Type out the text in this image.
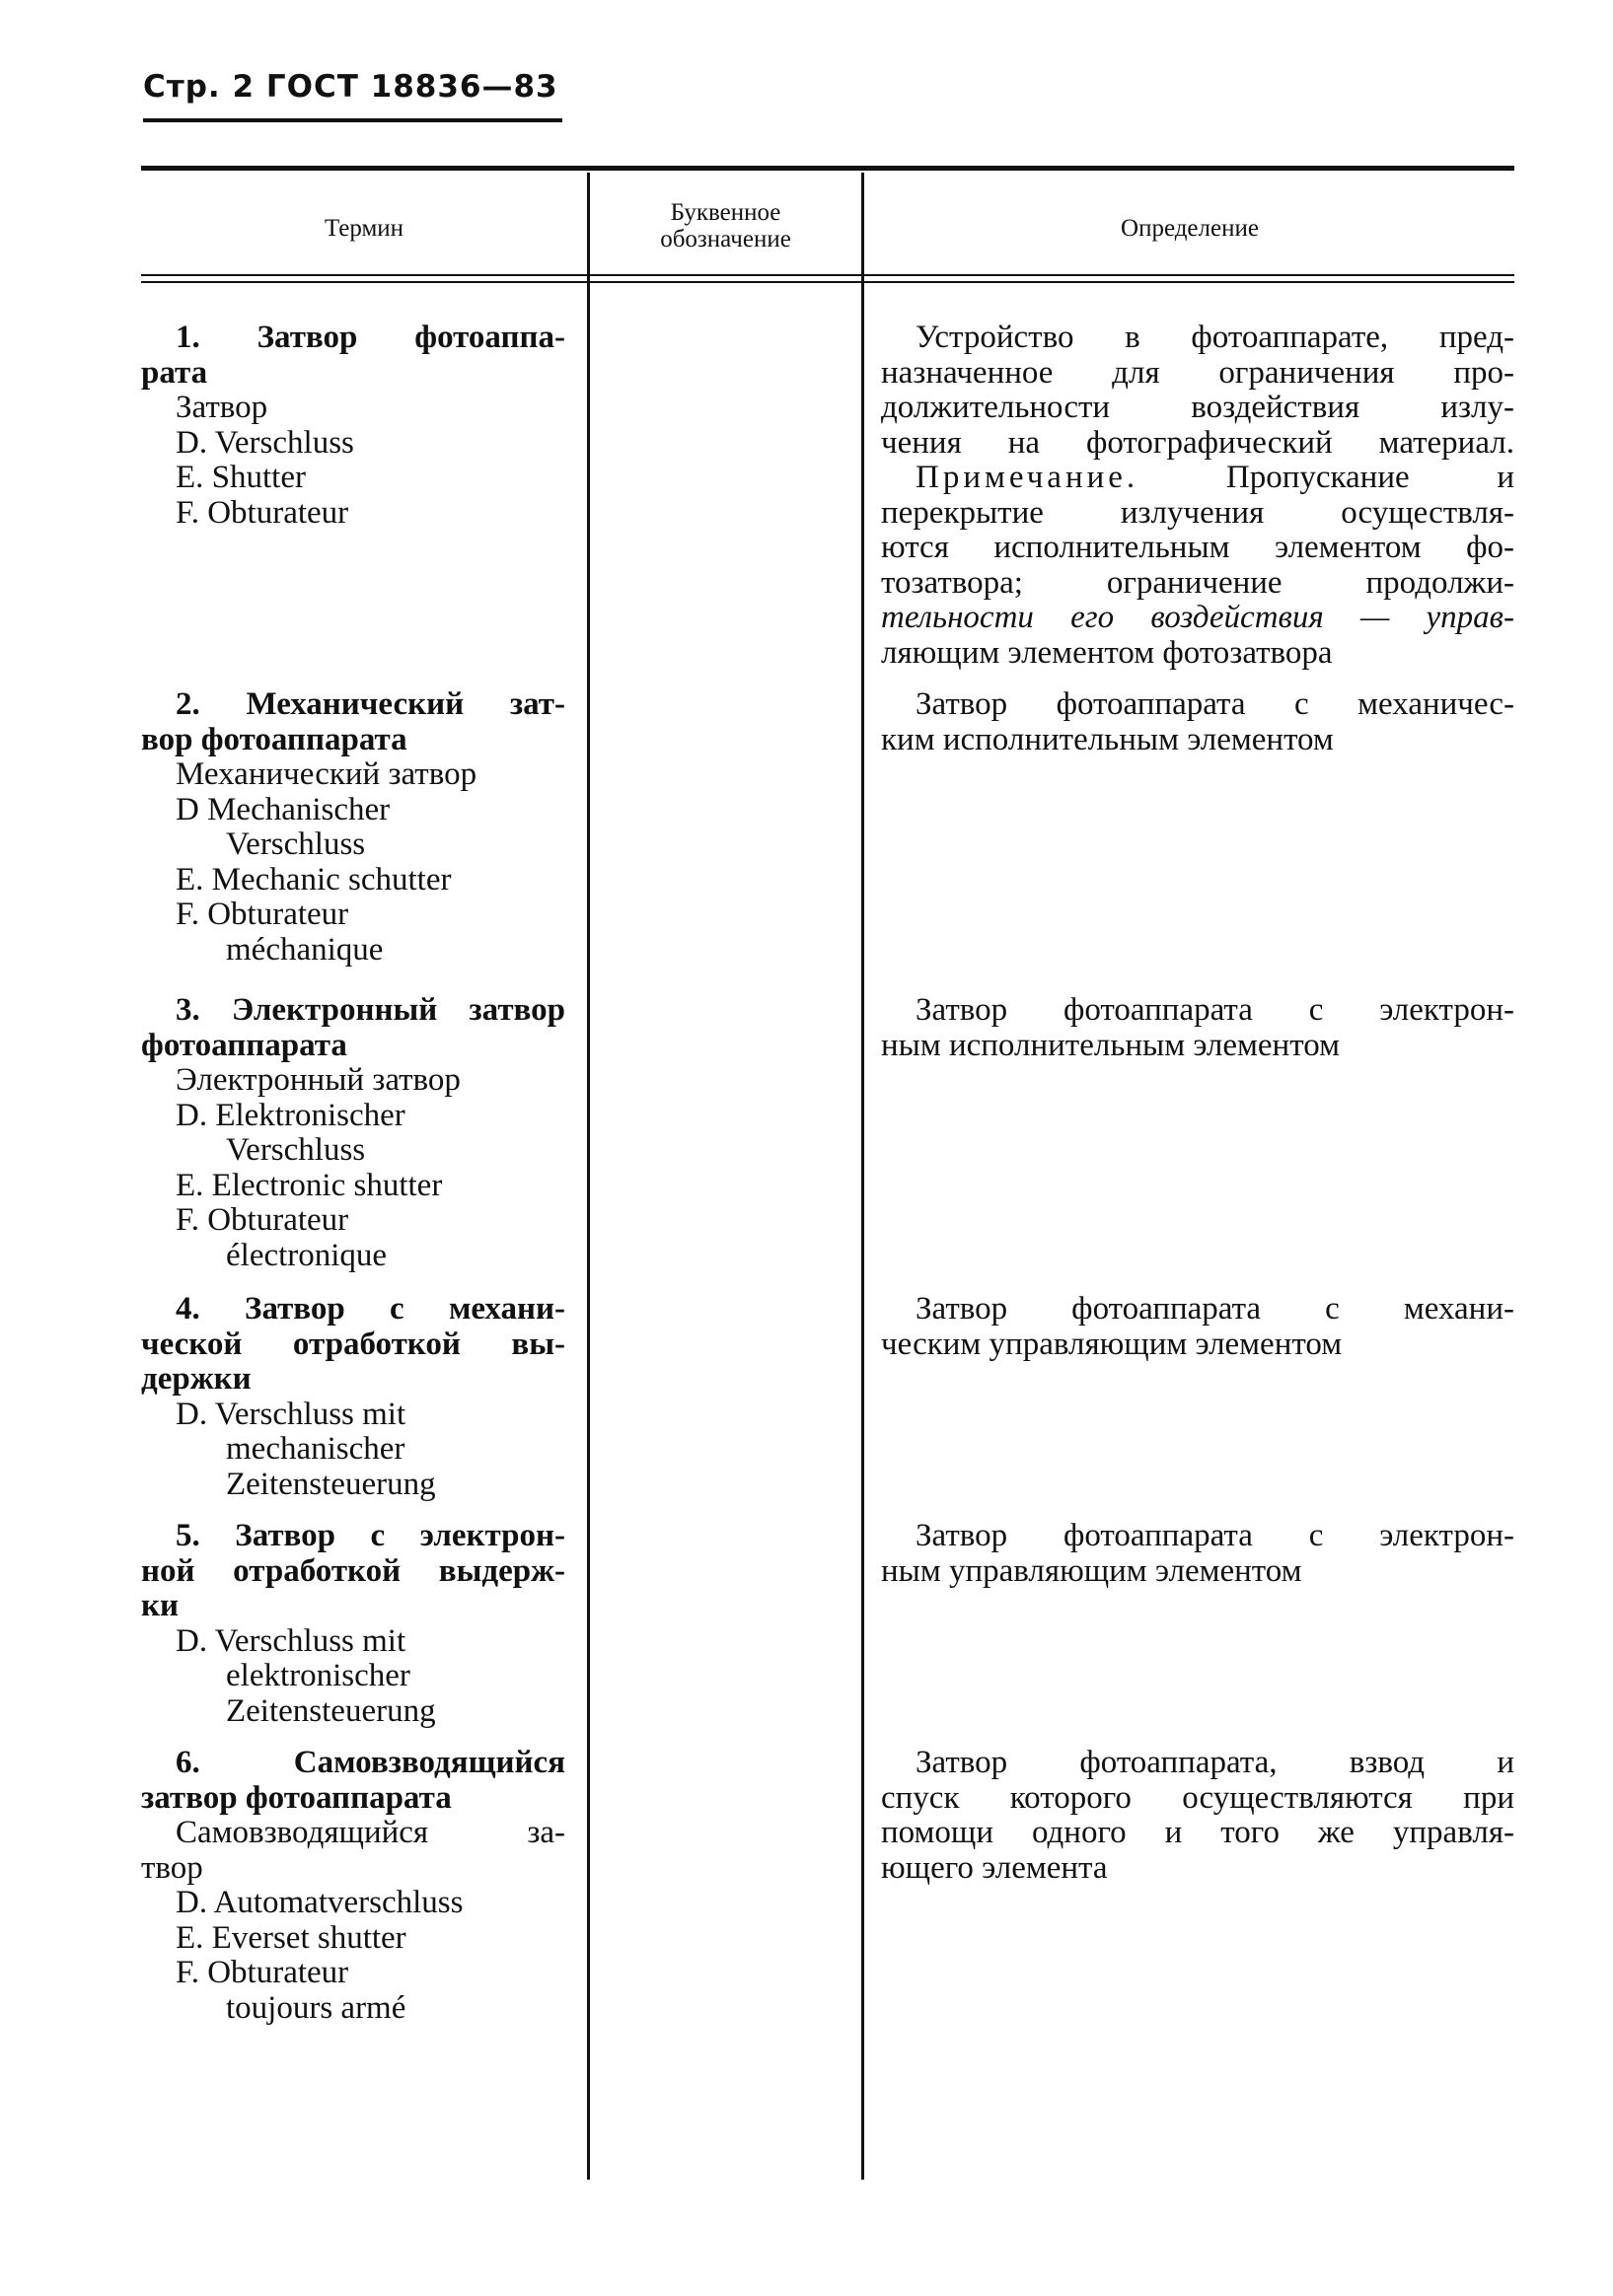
Стр. 2 ГОСТ 18836—83
Термин
Буквенное
обозначение	Определение
1. Затвор фотоаппа-
рата
Затвор
D. Verschluss
E. Shutter
F. Obturateur
2. Механический зат-
вор фотоаппарата
Механический затвор
D Mechanischer
Verschluss
E. Mechanic schutter
F. Obturateur
méchanique
3. Электронный затвор
фотоаппарата
Электронный затвор
D. Elektronischer
Verschluss
E. Electronic shutter
F. Obturateur
électronique
4. Затвор с механи-
ческой отработкой вы-
держки
D. Verschluss mit
mechanischer
Zeitensteuerung
5. Затвор с электрон-
ной отработкой выдерж-
ки
D. Verschluss mit
elektronischer
Zeitensteuerung
6. Самовзводящийся
затвор фотоаппарата
Самовзводящийся за-
твор
D. Automatverschluss
E. Everset shutter
F. Obturateur
toujours armé
Устройство в фотоаппарате, пред-
назначенное для ограничения про-
должительности воздействия излу-
чения на фотографический материал.
Примечание.	Пропускание и
перекрытие излучения осуществля-
ются исполнительным элементом фо-
тозатвора; ограничение продолжи-
тельности его воздействия — управ-
ляющим элементом фотозатвора
Затвор фотоаппарата с механичес-
ким исполнительным элементом
Затвор фотоаппарата с электрон-
ным исполнительным элементом
Затвор фотоаппарата с механи-
ческим управляющим элементом
Затвор фотоаппарата с электрон-
ным управляющим элементом
Затвор фотоаппарата, взвод и
спуск которого осуществляются при
помощи одного и того же управля-
ющего элемента
